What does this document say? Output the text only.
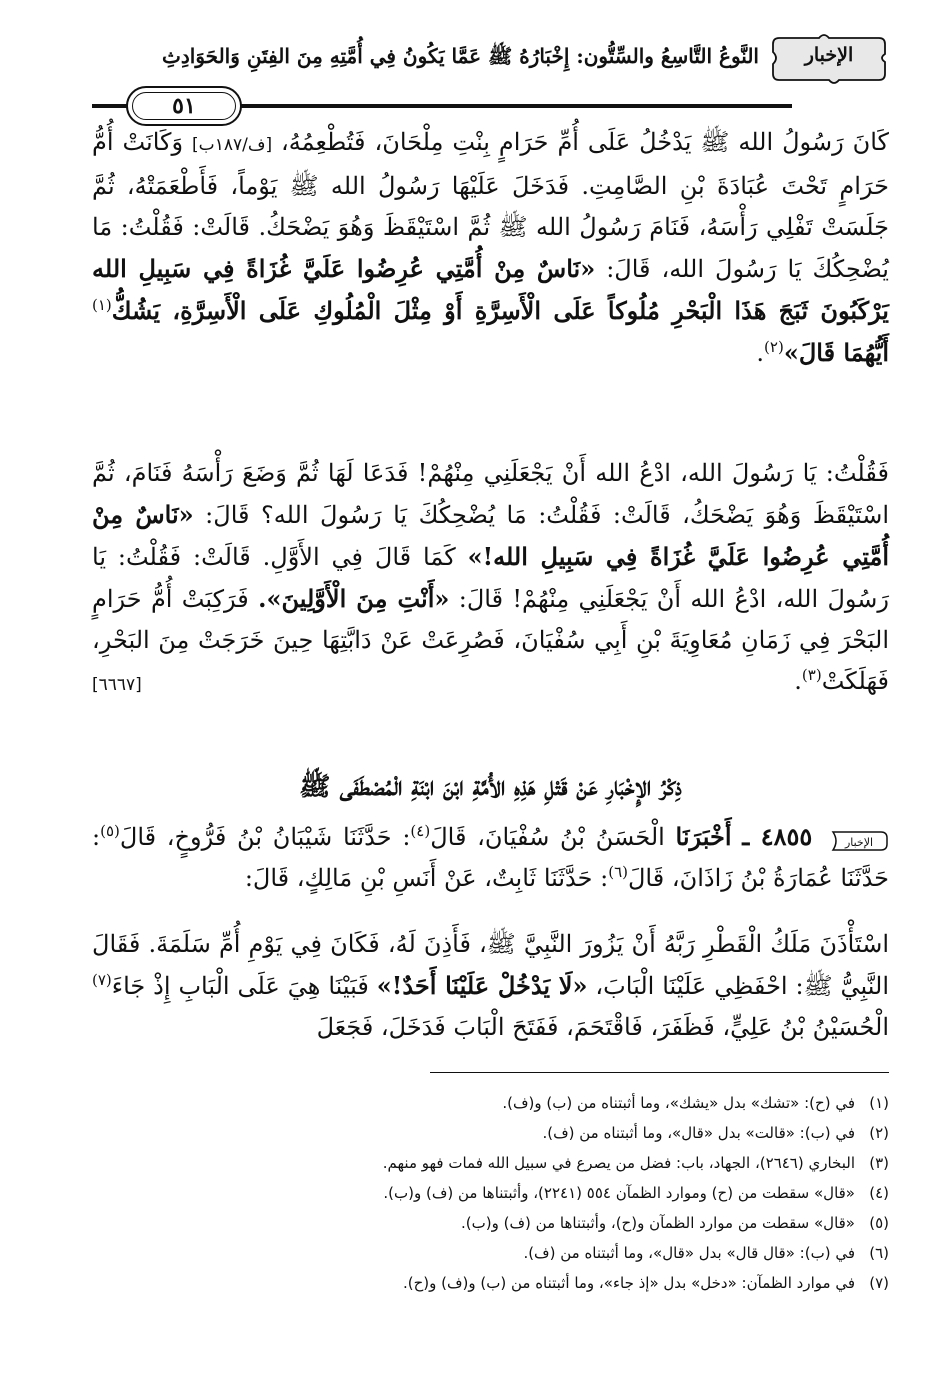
الإخبار
النَّوعُ التَّاسِعُ والسِّتُّون: إِخْبَارُهُ ﷺ عَمَّا يَكُونُ فِي أُمَّتِهِ مِنَ الفِتَنِ وَالحَوَادِثِ
٥١
كَانَ رَسُولُ الله ﷺ يَدْخُلُ عَلَى أُمِّ حَرَامٍ بِنْتِ مِلْحَانَ، فَتُطْعِمُهُ، [ف/١٨٧ب] وَكَانَتْ أُمُّ حَرَامٍ تَحْتَ عُبَادَةَ بْنِ الصَّامِتِ. فَدَخَلَ عَلَيْهَا رَسُولُ الله ﷺ يَوْماً، فَأَطْعَمَتْهُ، ثُمَّ جَلَسَتْ تَفْلِي رَأْسَهُ، فَنَامَ رَسُولُ الله ﷺ ثُمَّ اسْتَيْقَظَ وَهُوَ يَضْحَكُ. قَالَتْ: فَقُلْتُ: مَا يُضْحِكُكَ يَا رَسُولَ الله، قَالَ: «نَاسٌ مِنْ أُمَّتِي عُرِضُوا عَلَيَّ غُزَاةً فِي سَبِيلِ الله يَرْكَبُونَ ثَبَجَ هَذَا الْبَحْرِ مُلُوكاً عَلَى الْأَسِرَّةِ أَوْ مِثْلَ الْمُلُوكِ عَلَى الْأَسِرَّةِ، يَشُكُّ$^{(١)}$ أَيُّهُمَا قَالَ»$^{(٢)}$.
فَقُلْتُ: يَا رَسُولَ الله، ادْعُ الله أَنْ يَجْعَلَنِي مِنْهُمْ! فَدَعَا لَهَا ثُمَّ وَضَعَ رَأْسَهُ فَنَامَ، ثُمَّ اسْتَيْقَظَ وَهُوَ يَضْحَكُ، قَالَتْ: فَقُلْتُ: مَا يُضْحِكُكَ يَا رَسُولَ الله؟ قَالَ: «نَاسٌ مِنْ أُمَّتِي عُرِضُوا عَلَيَّ غُزَاةً فِي سَبِيلِ الله!» كَمَا قَالَ فِي الأَوَّلِ. قَالَتْ: فَقُلْتُ: يَا رَسُولَ الله، ادْعُ الله أَنْ يَجْعَلَنِي مِنْهُمْ! قَالَ: «أَنْتِ مِنَ الْأَوَّلِينَ». فَرَكِبَتْ أُمُّ حَرَامٍ البَحْرَ فِي زَمَانِ مُعَاوِيَةَ بْنِ أَبِي سُفْيَانَ، فَصُرِعَتْ عَنْ دَابَّتِهَا حِينَ خَرَجَتْ مِنَ البَحْرِ، فَهَلَكَتْ$^{(٣)}$.
[٦٦٦٧]
ذِكْرُ الإِخْبَارِ عَنْ قَتْلِ هَذِهِ الأُمَّةِ ابْنَ ابْنَةِ الْمُصْطَفَى ﷺ
الإخبار
٤٨٥٥ ـ أَخْبَرَنَا الْحَسَنُ بْنُ سُفْيَانَ، قَالَ$^{(٤)}$: حَدَّثَنَا شَيْبَانُ بْنُ فَرُّوخٍ، قَالَ$^{(٥)}$: حَدَّثَنَا عُمَارَةُ بْنُ زَاذَانَ، قَالَ$^{(٦)}$: حَدَّثَنَا ثَابِتٌ، عَنْ أَنَسِ بْنِ مَالِكٍ، قَالَ:
اسْتَأْذَنَ مَلَكُ الْقَطْرِ رَبَّهُ أَنْ يَزُورَ النَّبِيَّ ﷺ، فَأَذِنَ لَهُ، فَكَانَ فِي يَوْمِ أُمِّ سَلَمَةَ. فَقَالَ النَّبِيُّ ﷺ: احْفَظِي عَلَيْنَا الْبَابَ، «لَا يَدْخُلْ عَلَيْنَا أَحَدٌ!» فَبَيْنَا هِيَ عَلَى الْبَابِ إِذْ جَاءَ$^{(٧)}$ الْحُسَيْنُ بْنُ عَلِيٍّ، فَظَفَرَ، فَاقْتَحَمَ، فَفَتَحَ الْبَابَ فَدَخَلَ، فَجَعَلَ
(١)في (ح): «تشك» بدل «يشك»، وما أثبتناه من (ب) و(ف).
(٢)في (ب): «قالت» بدل «قال»، وما أثبتناه من (ف).
(٣)البخاري (٢٦٤٦)، الجهاد، باب: فضل من يصرع في سبيل الله فمات فهو منهم.
(٤)«قال» سقطت من (ح) وموارد الظمآن ٥٥٤ (٢٢٤١)، وأثبتناها من (ف) و(ب).
(٥)«قال» سقطت من موارد الظمآن و(ح)، وأثبتناها من (ف) و(ب).
(٦)في (ب): «قال قال» بدل «قال»، وما أثبتناه من (ف).
(٧)في موارد الظمآن: «دخل» بدل «إذ جاء»، وما أثبتناه من (ب) و(ف) و(ح).
